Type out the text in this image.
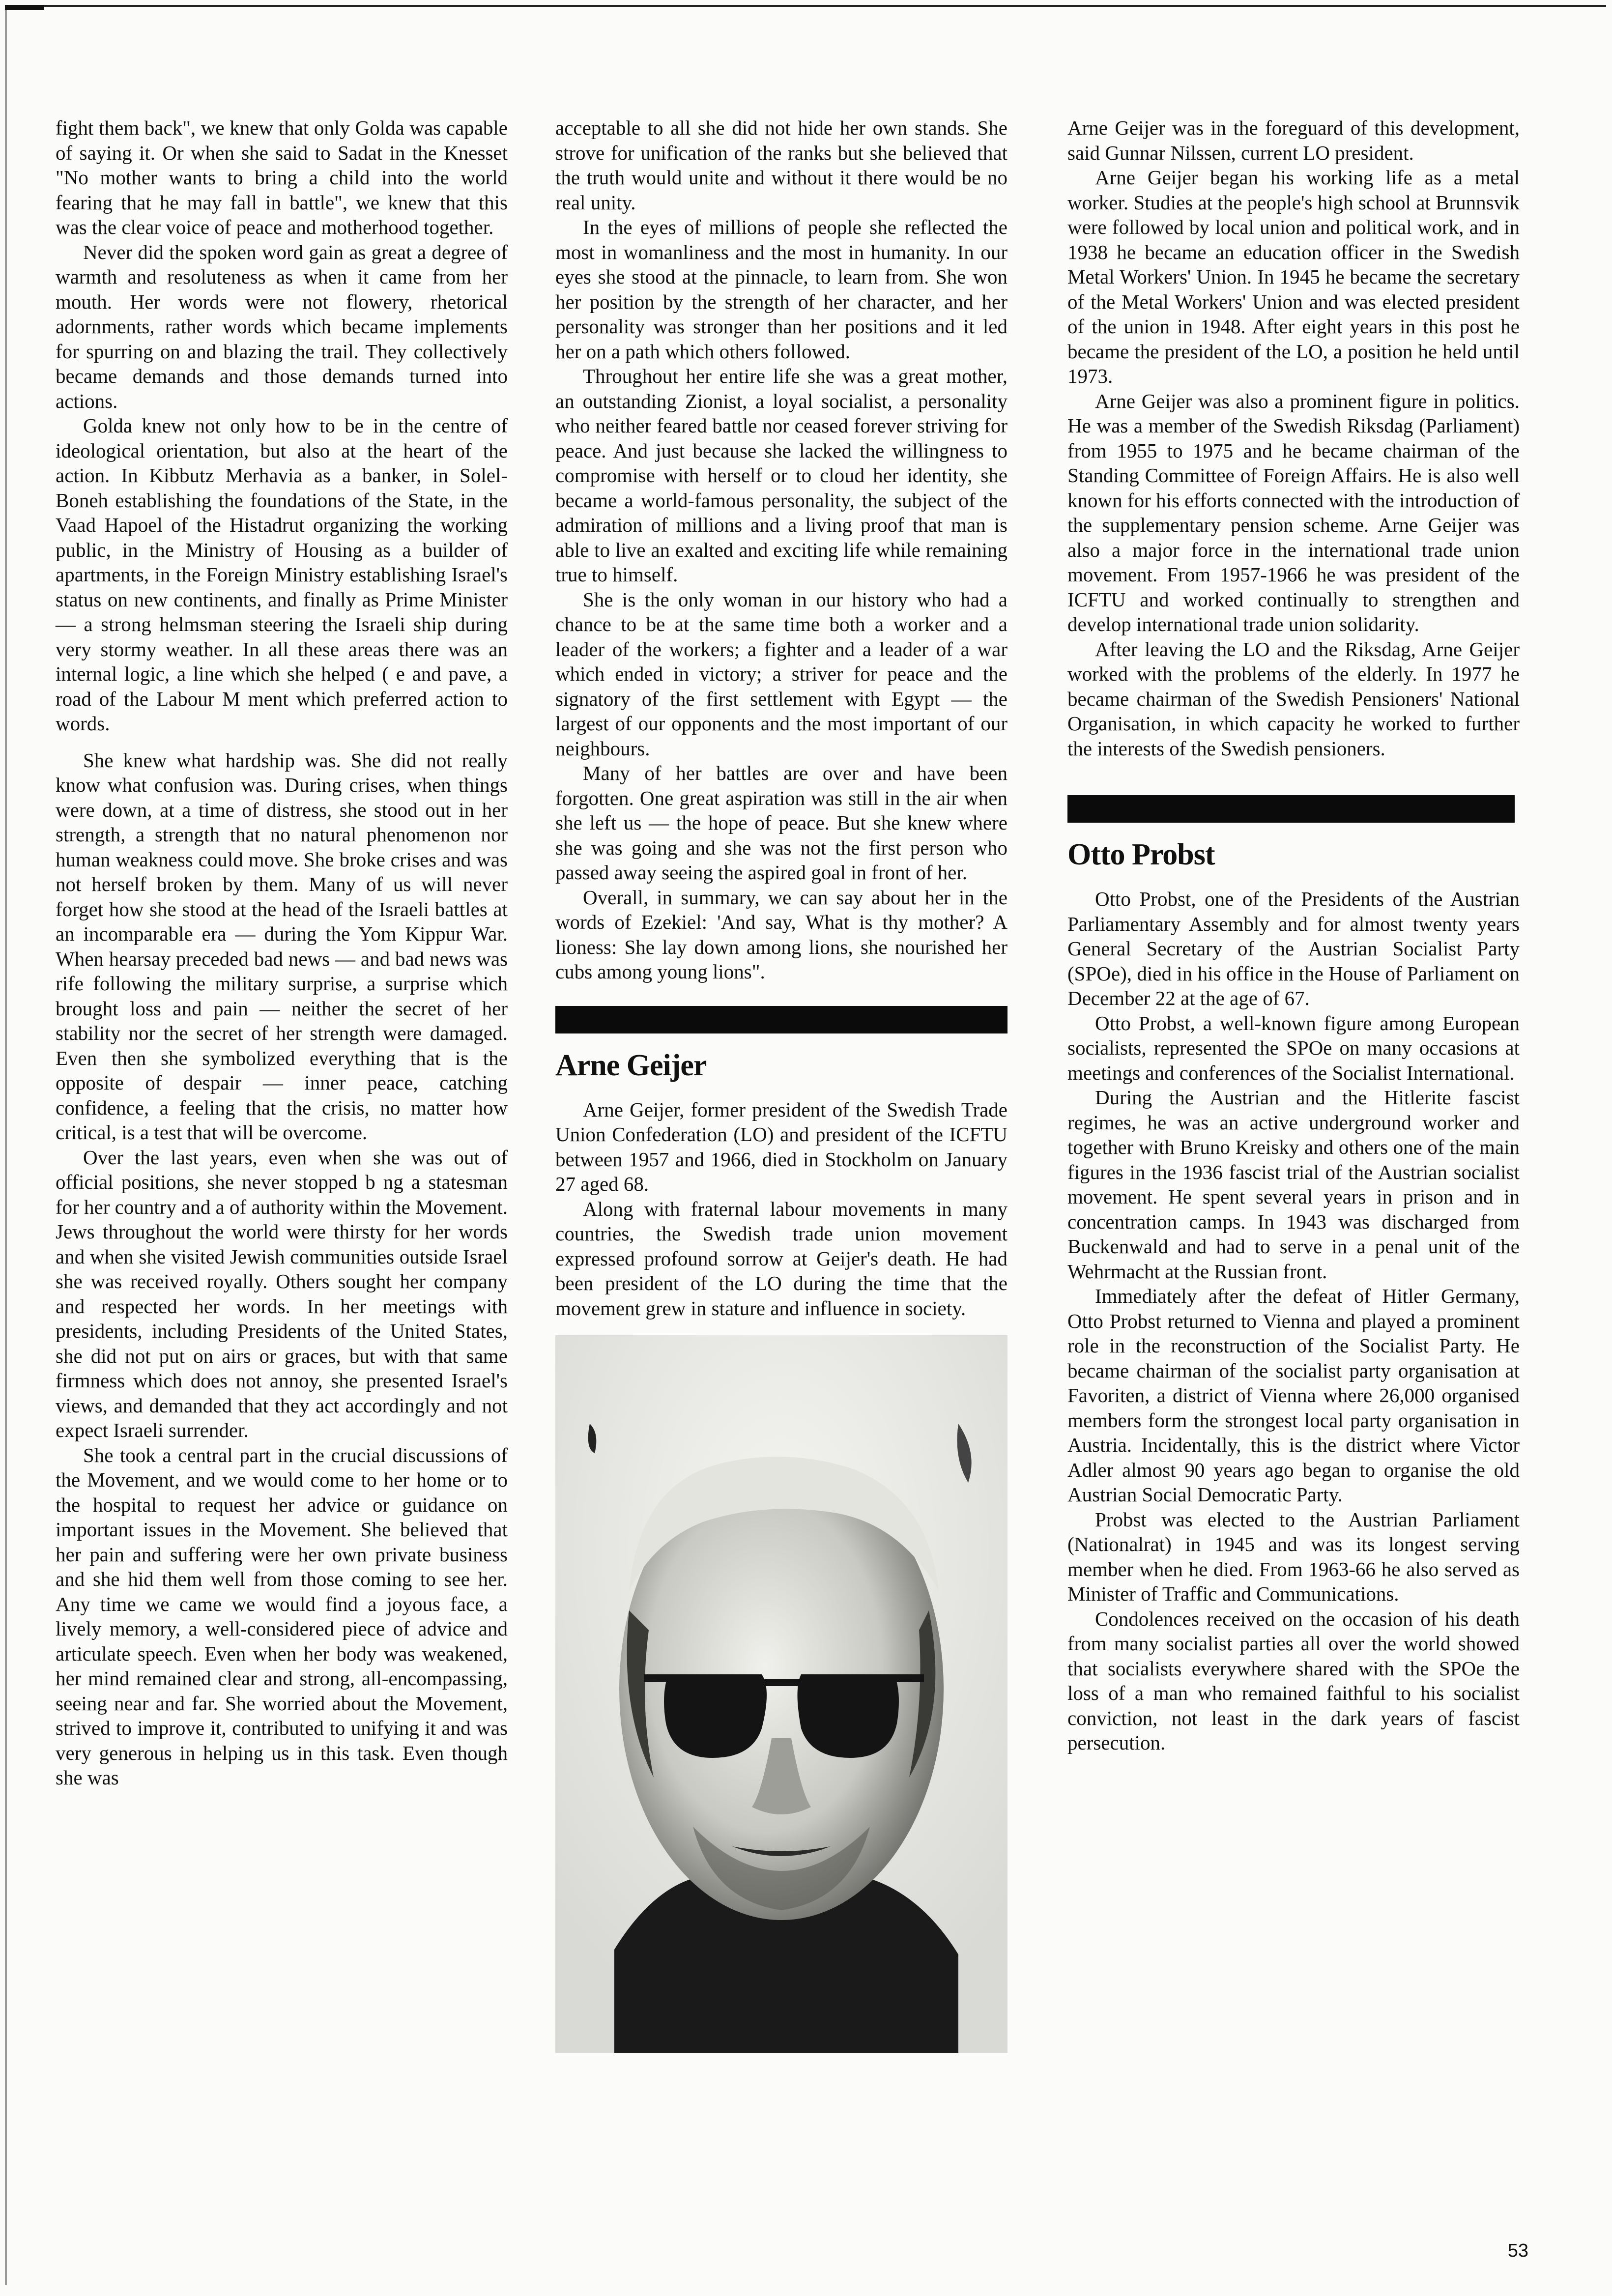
fight them back", we knew that only Golda was capable of saying it. Or when she said to Sadat in the Knesset "No mother wants to bring a child into the world fearing that he may fall in battle", we knew that this was the clear voice of peace and motherhood together.

Never did the spoken word gain as great a degree of warmth and resoluteness as when it came from her mouth. Her words were not flowery, rhetorical adornments, rather words which became implements for spurring on and blazing the trail. They collectively became demands and those demands turned into actions.

Golda knew not only how to be in the centre of ideological orientation, but also at the heart of the action. In Kibbutz Merhavia as a banker, in Solel-Boneh establishing the foundations of the State, in the Vaad Hapoel of the Histadrut organizing the working public, in the Ministry of Housing as a builder of apartments, in the Foreign Ministry establishing Israel's status on new continents, and finally as Prime Minister — a strong helmsman steering the Israeli ship during very stormy weather. In all these areas there was an internal logic, a line which she helped ( e and pave, a road of the Labour M ment which preferred action to words.

She knew what hardship was. She did not really know what confusion was. During crises, when things were down, at a time of distress, she stood out in her strength, a strength that no natural phenomenon nor human weakness could move. She broke crises and was not herself broken by them. Many of us will never forget how she stood at the head of the Israeli battles at an incomparable era — during the Yom Kippur War. When hearsay preceded bad news — and bad news was rife following the military surprise, a surprise which brought loss and pain — neither the secret of her stability nor the secret of her strength were damaged. Even then she symbolized everything that is the opposite of despair — inner peace, catching confidence, a feeling that the crisis, no matter how critical, is a test that will be overcome.

Over the last years, even when she was out of official positions, she never stopped b ng a statesman for her country and a of authority within the Movement. Jews throughout the world were thirsty for her words and when she visited Jewish communities outside Israel she was received royally. Others sought her company and respected her words. In her meetings with presidents, including Presidents of the United States, she did not put on airs or graces, but with that same firmness which does not annoy, she presented Israel's views, and demanded that they act accordingly and not expect Israeli surrender.

She took a central part in the crucial discussions of the Movement, and we would come to her home or to the hospital to request her advice or guidance on important issues in the Movement. She believed that her pain and suffering were her own private business and she hid them well from those coming to see her. Any time we came we would find a joyous face, a lively memory, a well-considered piece of advice and articulate speech. Even when her body was weakened, her mind remained clear and strong, all-encompassing, seeing near and far. She worried about the Movement, strived to improve it, contributed to unifying it and was very generous in helping us in this task. Even though she was

acceptable to all she did not hide her own stands. She strove for unification of the ranks but she believed that the truth would unite and without it there would be no real unity.

In the eyes of millions of people she reflected the most in womanliness and the most in humanity. In our eyes she stood at the pinnacle, to learn from. She won her position by the strength of her character, and her personality was stronger than her positions and it led her on a path which others followed.

Throughout her entire life she was a great mother, an outstanding Zionist, a loyal socialist, a personality who neither feared battle nor ceased forever striving for peace. And just because she lacked the willingness to compromise with herself or to cloud her identity, she became a world-famous personality, the subject of the admiration of millions and a living proof that man is able to live an exalted and exciting life while remaining true to himself.

She is the only woman in our history who had a chance to be at the same time both a worker and a leader of the workers; a fighter and a leader of a war which ended in victory; a striver for peace and the signatory of the first settlement with Egypt — the largest of our opponents and the most important of our neighbours.

Many of her battles are over and have been forgotten. One great aspiration was still in the air when she left us — the hope of peace. But she knew where she was going and she was not the first person who passed away seeing the aspired goal in front of her.

Overall, in summary, we can say about her in the words of Ezekiel: 'And say, What is thy mother? A lioness: She lay down among lions, she nourished her cubs among young lions".

Arne Geijer

Arne Geijer, former president of the Swedish Trade Union Confederation (LO) and president of the ICFTU between 1957 and 1966, died in Stockholm on January 27 aged 68.

Along with fraternal labour movements in many countries, the Swedish trade union movement expressed profound sorrow at Geijer's death. He had been president of the LO during the time that the movement grew in stature and influence in society.

Arne Geijer was in the foreguard of this development, said Gunnar Nilssen, current LO president.

Arne Geijer began his working life as a metal worker. Studies at the people's high school at Brunnsvik were followed by local union and political work, and in 1938 he became an education officer in the Swedish Metal Workers' Union. In 1945 he became the secretary of the Metal Workers' Union and was elected president of the union in 1948. After eight years in this post he became the president of the LO, a position he held until 1973.

Arne Geijer was also a prominent figure in politics. He was a member of the Swedish Riksdag (Parliament) from 1955 to 1975 and he became chairman of the Standing Committee of Foreign Affairs. He is also well known for his efforts connected with the introduction of the supplementary pension scheme. Arne Geijer was also a major force in the international trade union movement. From 1957-1966 he was president of the ICFTU and worked continually to strengthen and develop international trade union solidarity.

After leaving the LO and the Riksdag, Arne Geijer worked with the problems of the elderly. In 1977 he became chairman of the Swedish Pensioners' National Organisation, in which capacity he worked to further the interests of the Swedish pensioners.

Otto Probst

Otto Probst, one of the Presidents of the Austrian Parliamentary Assembly and for almost twenty years General Secretary of the Austrian Socialist Party (SPOe), died in his office in the House of Parliament on December 22 at the age of 67.

Otto Probst, a well-known figure among European socialists, represented the SPOe on many occasions at meetings and conferences of the Socialist International.

During the Austrian and the Hitlerite fascist regimes, he was an active underground worker and together with Bruno Kreisky and others one of the main figures in the 1936 fascist trial of the Austrian socialist movement. He spent several years in prison and in concentration camps. In 1943 was discharged from Buckenwald and had to serve in a penal unit of the Wehrmacht at the Russian front.

Immediately after the defeat of Hitler Germany, Otto Probst returned to Vienna and played a prominent role in the reconstruction of the Socialist Party. He became chairman of the socialist party organisation at Favoriten, a district of Vienna where 26,000 organised members form the strongest local party organisation in Austria. Incidentally, this is the district where Victor Adler almost 90 years ago began to organise the old Austrian Social Democratic Party.

Probst was elected to the Austrian Parliament (Nationalrat) in 1945 and was its longest serving member when he died. From 1963-66 he also served as Minister of Traffic and Communications.

Condolences received on the occasion of his death from many socialist parties all over the world showed that socialists everywhere shared with the SPOe the loss of a man who remained faithful to his socialist conviction, not least in the dark years of fascist persecution.

53
